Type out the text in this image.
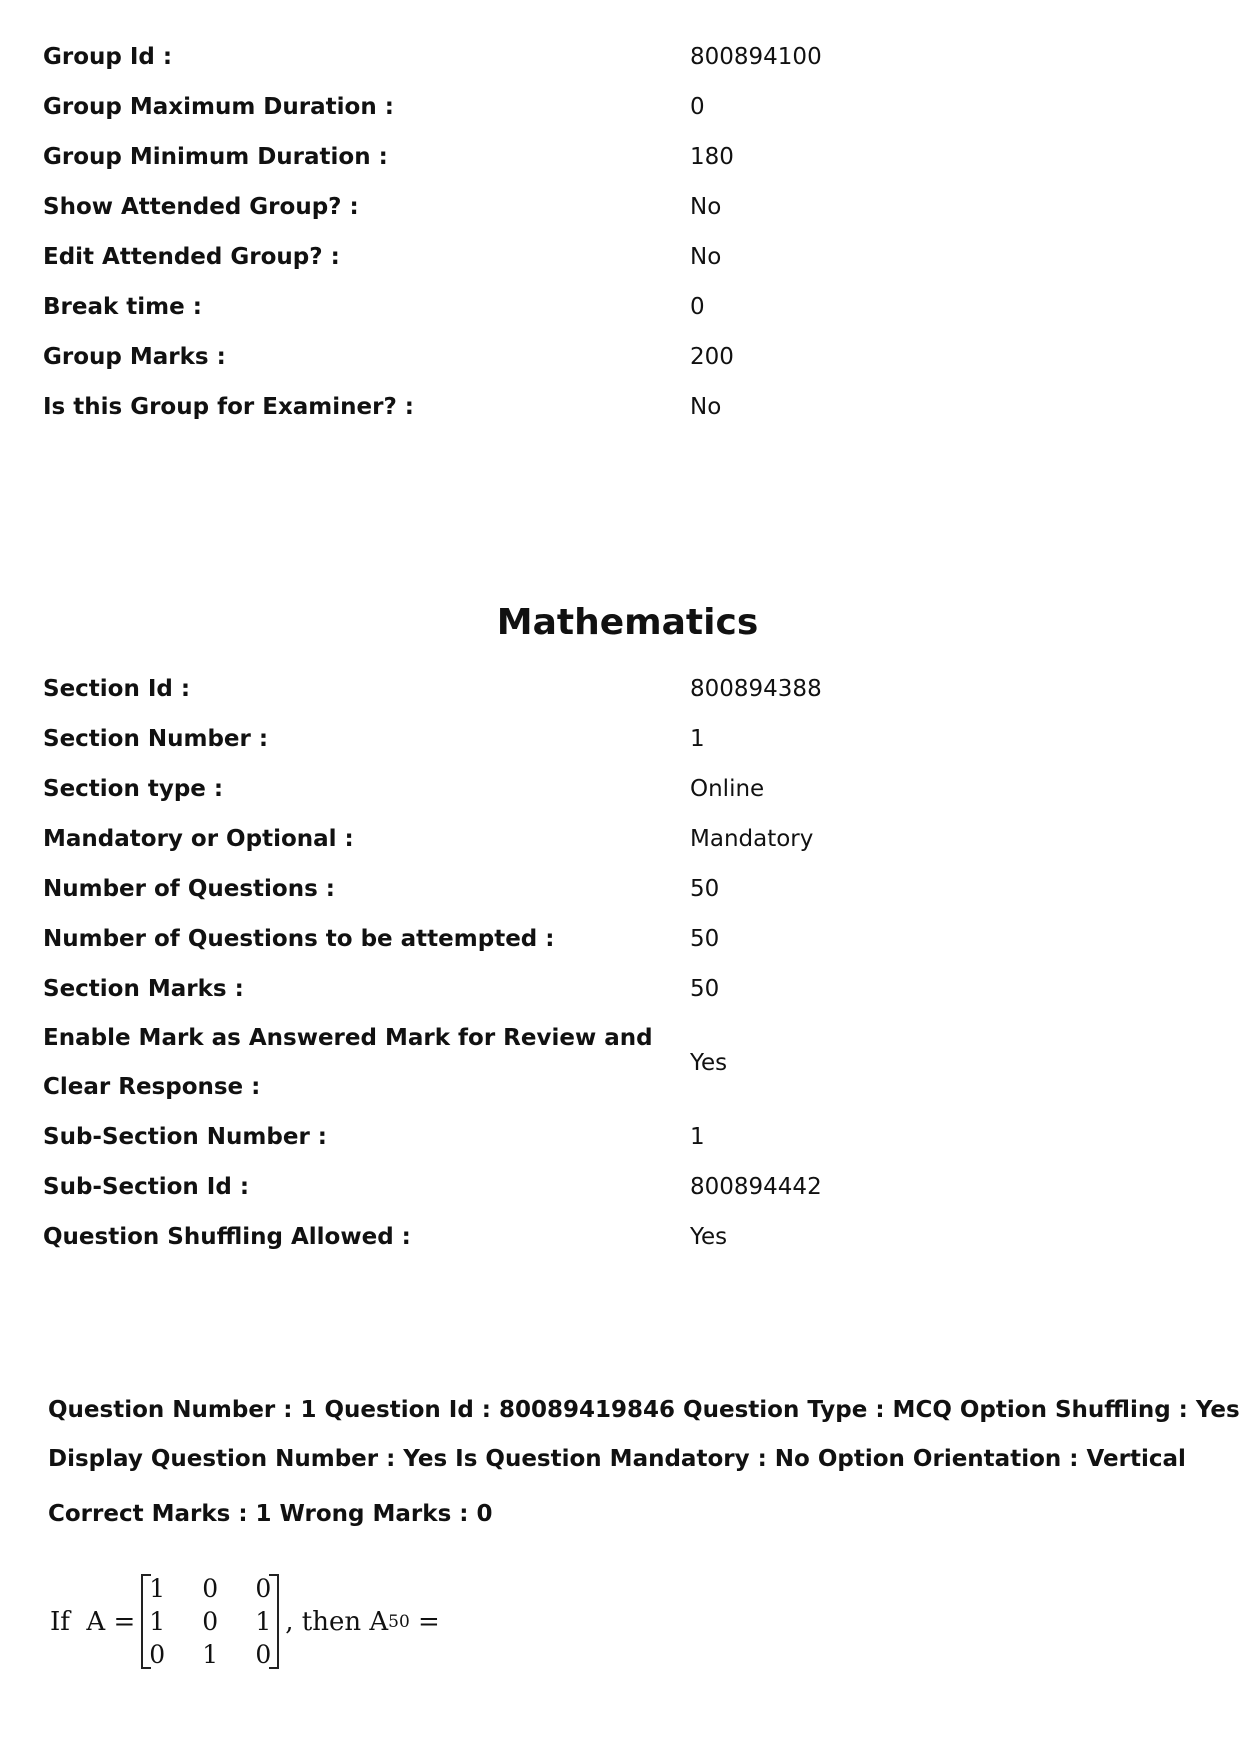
Group Id :	800894100
Group Maximum Duration :	0
Group Minimum Duration :	180
Show Attended Group? :	No
Edit Attended Group? :	No
Break time :	0
Group Marks :	200
Is this Group for Examiner? :	No
Mathematics
Section Id :	800894388
Section Number :	1
Section type :	Online
Mandatory or Optional :	Mandatory
Number of Questions :	50
Number of Questions to be attempted :	50
Section Marks :	50
Enable Mark as Answered Mark for Review and Clear Response :
Yes
Sub-Section Number :	1
Sub-Section Id :	800894442
Question Shuffling Allowed :	Yes
Question Number : 1 Question Id : 80089419846 Question Type : MCQ Option Shuffling : Yes
Display Question Number : Yes Is Question Mandatory : No Option Orientation : Vertical
Correct Marks : 1 Wrong Marks : 0
If  A =
1	0	0
1	0	1
0	1	0
, then A 50 =
